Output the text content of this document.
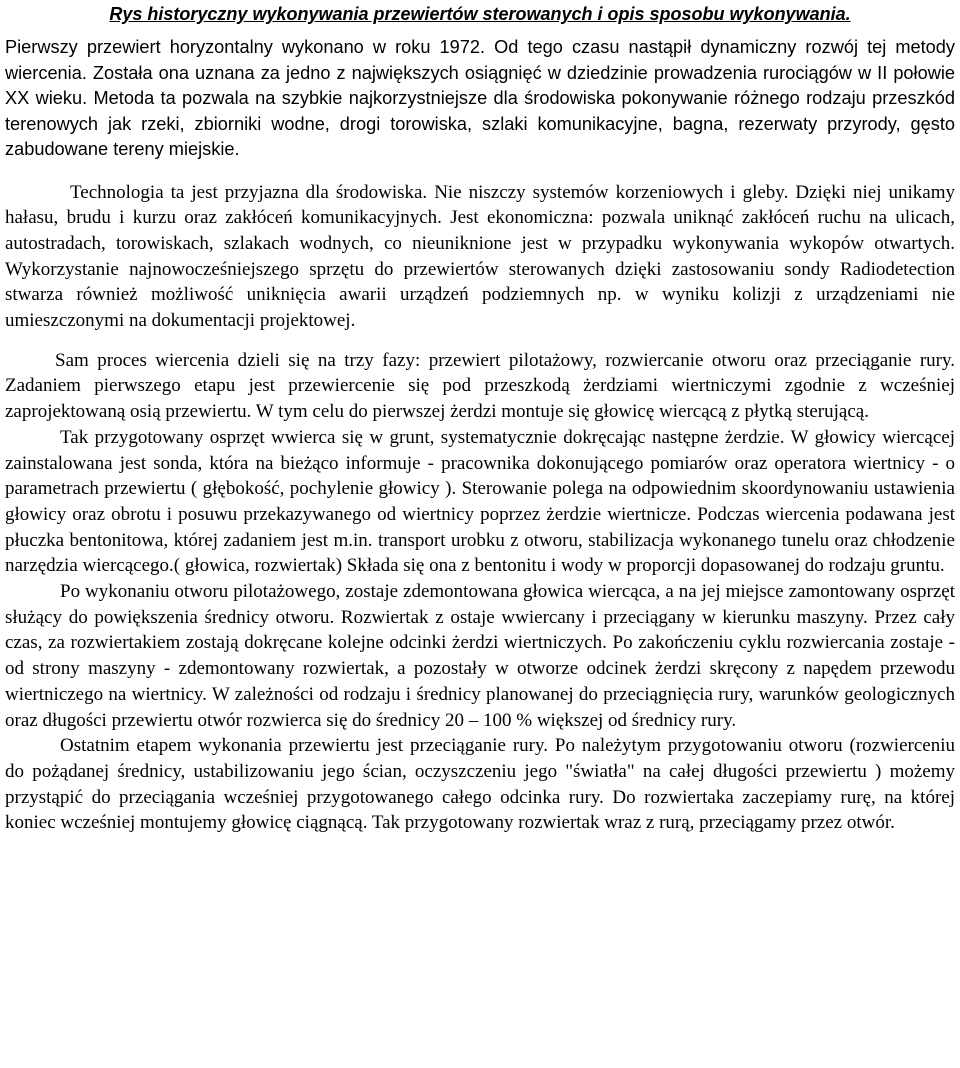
Rys historyczny wykonywania przewiertów sterowanych i opis sposobu wykonywania.

Pierwszy przewiert horyzontalny wykonano w roku 1972. Od tego czasu nastąpił dynamiczny rozwój tej metody wiercenia. Została ona uznana za jedno z największych osiągnięć w dziedzinie prowadzenia rurociągów w II połowie XX wieku. Metoda ta pozwala na szybkie najkorzystniejsze dla środowiska pokonywanie różnego rodzaju przeszkód terenowych jak rzeki, zbiorniki wodne, drogi torowiska, szlaki komunikacyjne, bagna, rezerwaty przyrody, gęsto zabudowane tereny miejskie.

Technologia ta jest przyjazna dla środowiska. Nie niszczy systemów korzeniowych i gleby. Dzięki niej unikamy hałasu, brudu i kurzu oraz zakłóceń komunikacyjnych. Jest ekonomiczna: pozwala uniknąć zakłóceń ruchu na ulicach, autostradach, torowiskach, szlakach wodnych, co nieuniknione jest w przypadku wykonywania wykopów otwartych. Wykorzystanie najnowocześniejszego sprzętu do przewiertów sterowanych dzięki zastosowaniu sondy Radiodetection stwarza również możliwość uniknięcia awarii urządzeń podziemnych np. w wyniku kolizji z urządzeniami nie umieszczonymi na dokumentacji projektowej.

Sam proces wiercenia dzieli się na trzy fazy: przewiert pilotażowy, rozwiercanie otworu oraz przeciąganie rury. Zadaniem pierwszego etapu jest przewiercenie się pod przeszkodą żerdziami wiertniczymi zgodnie z wcześniej zaprojektowaną osią przewiertu. W tym celu do pierwszej żerdzi montuje się głowicę wiercącą z płytką sterującą.

Tak przygotowany osprzęt wwierca się w grunt, systematycznie dokręcając następne żerdzie. W głowicy wiercącej zainstalowana jest sonda, która na bieżąco informuje - pracownika dokonującego pomiarów oraz operatora wiertnicy - o parametrach przewiertu ( głębokość, pochylenie głowicy ). Sterowanie polega na odpowiednim skoordynowaniu ustawienia głowicy oraz obrotu i posuwu przekazywanego od wiertnicy poprzez żerdzie wiertnicze. Podczas wiercenia podawana jest płuczka bentonitowa, której zadaniem jest m.in. transport urobku z otworu, stabilizacja wykonanego tunelu oraz chłodzenie narzędzia wiercącego.( głowica, rozwiertak) Składa się ona z bentonitu i wody w proporcji dopasowanej do rodzaju gruntu.

Po wykonaniu otworu pilotażowego, zostaje zdemontowana głowica wiercąca, a na jej miejsce zamontowany osprzęt służący do powiększenia średnicy otworu. Rozwiertak z ostaje wwiercany i przeciągany w kierunku maszyny. Przez cały czas, za rozwiertakiem zostają dokręcane kolejne odcinki żerdzi wiertniczych. Po zakończeniu cyklu rozwiercania zostaje - od strony maszyny - zdemontowany rozwiertak, a pozostały w otworze odcinek żerdzi skręcony z napędem przewodu wiertniczego na wiertnicy. W zależności od rodzaju i średnicy planowanej do przeciągnięcia rury, warunków geologicznych oraz długości przewiertu otwór rozwierca się do średnicy 20 – 100 % większej od średnicy rury.

Ostatnim etapem wykonania przewiertu jest przeciąganie rury. Po należytym przygotowaniu otworu (rozwierceniu do pożądanej średnicy, ustabilizowaniu jego ścian, oczyszczeniu jego "światła" na całej długości przewiertu ) możemy przystąpić do przeciągania wcześniej przygotowanego całego odcinka rury. Do rozwiertaka zaczepiamy rurę, na której koniec wcześniej montujemy głowicę ciągnącą. Tak przygotowany rozwiertak wraz z rurą, przeciągamy przez otwór.
